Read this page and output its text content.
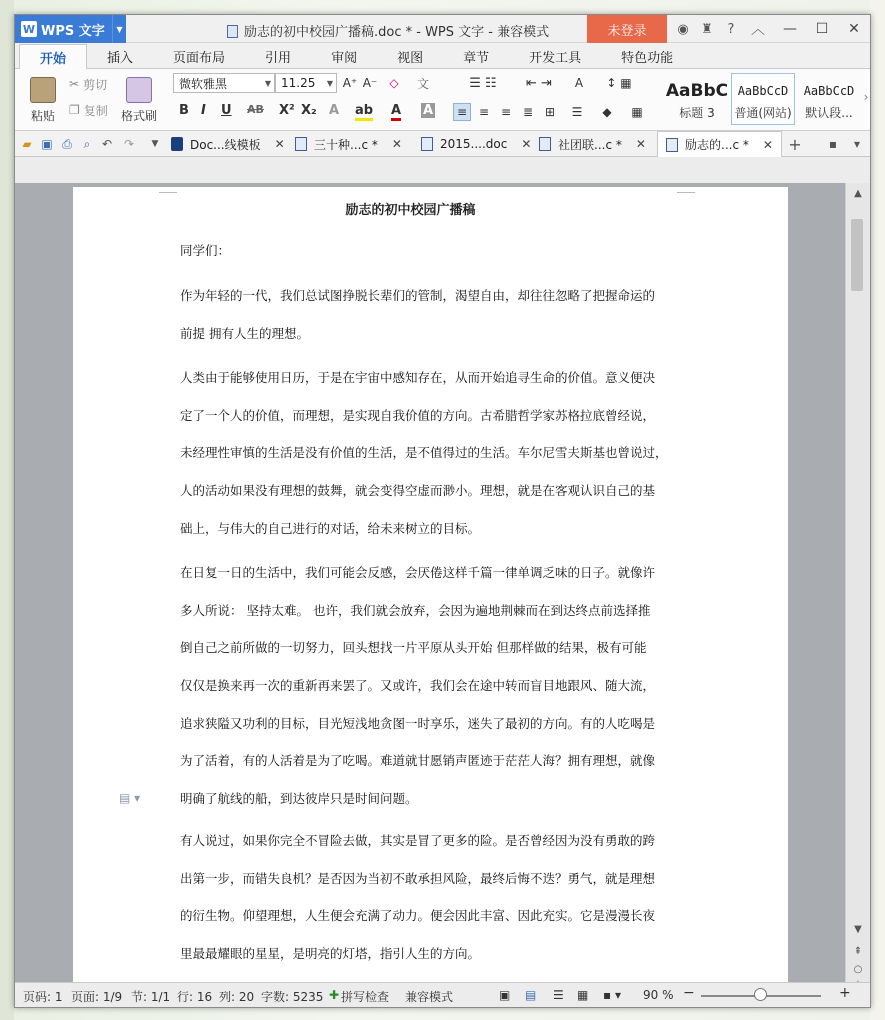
W WPS 文字	▼	励志的初中校园广播稿.doc * - WPS 文字 - 兼容模式	未登录	◉ ♜	?	︿	—	☐	✕
开始	插入	页面布局	引用	审阅	视图	章节	开发工具	特色功能
粘贴
✂ 剪切
❐ 复制 格式刷
微软雅黑	▼ 11.25	▼ A⁺ A⁻	◇	文
B I U AB X² X₂ A ab A A
☰ ☷	⇤ ⇥	A	↕ ▦
≡ ≡ ≡ ≣ ⊞	☰	◆	▦
AaBbC
标题 3
AaBbCcD
普通(网站)
AaBbCcD
默认段...
›
▰ ▣ ⎙ ⌕ ↶ ↷	▼	Doc...线模板 ✕ 三十种...c * ✕	2015....doc ✕ 社团联...c * ✕	励志的...c * ✕ +	▪	▾
励志的初中校园广播稿
同学们：
作为年轻的一代，我们总试图挣脱长辈们的管制，渴望自由，却往往忽略了把握命运的
前提 拥有人生的理想。
人类由于能够使用日历，于是在宇宙中感知存在，从而开始追寻生命的价值。意义便决
定了一个人的价值，而理想，是实现自我价值的方向。古希腊哲学家苏格拉底曾经说，
未经理性审慎的生活是没有价值的生活，是不值得过的生活。车尔尼雪夫斯基也曾说过，
人的活动如果没有理想的鼓舞，就会变得空虚而渺小。理想，就是在客观认识自己的基
础上，与伟大的自己进行的对话，给未来树立的目标。
在日复一日的生活中，我们可能会反感，会厌倦这样千篇一律单调乏味的日子。就像许
多人所说： 坚持太难。 也许，我们就会放弃，会因为遍地荆棘而在到达终点前选择推
倒自己之前所做的一切努力，回头想找一片平原从头开始 但那样做的结果，极有可能
仅仅是换来再一次的重新再来罢了。又或许，我们会在途中转而盲目地跟风、随大流，
追求狭隘又功利的目标，目光短浅地贪图一时享乐，迷失了最初的方向。有的人吃喝是
为了活着，有的人活着是为了吃喝。难道就甘愿销声匿迹于茫茫人海？拥有理想，就像
明确了航线的船，到达彼岸只是时间问题。
有人说过，如果你完全不冒险去做，其实是冒了更多的险。是否曾经因为没有勇敢的跨
出第一步，而错失良机？是否因为当初不敢承担风险，最终后悔不迭？勇气，就是理想
的衍生物。仰望理想，人生便会充满了动力。便会因此丰富、因此充实。它是漫漫长夜
里最最耀眼的星星，是明亮的灯塔，指引人生的方向。
▤ ▾
▲
▼
⇞
○
页码: 1 页面: 1/9 节: 1/1 行: 16 列: 20 字数: 5235 ✚ 拼写检查 兼容模式	▣ ▤ ☰ ▦ ▪ ▾ 90 % −	+
